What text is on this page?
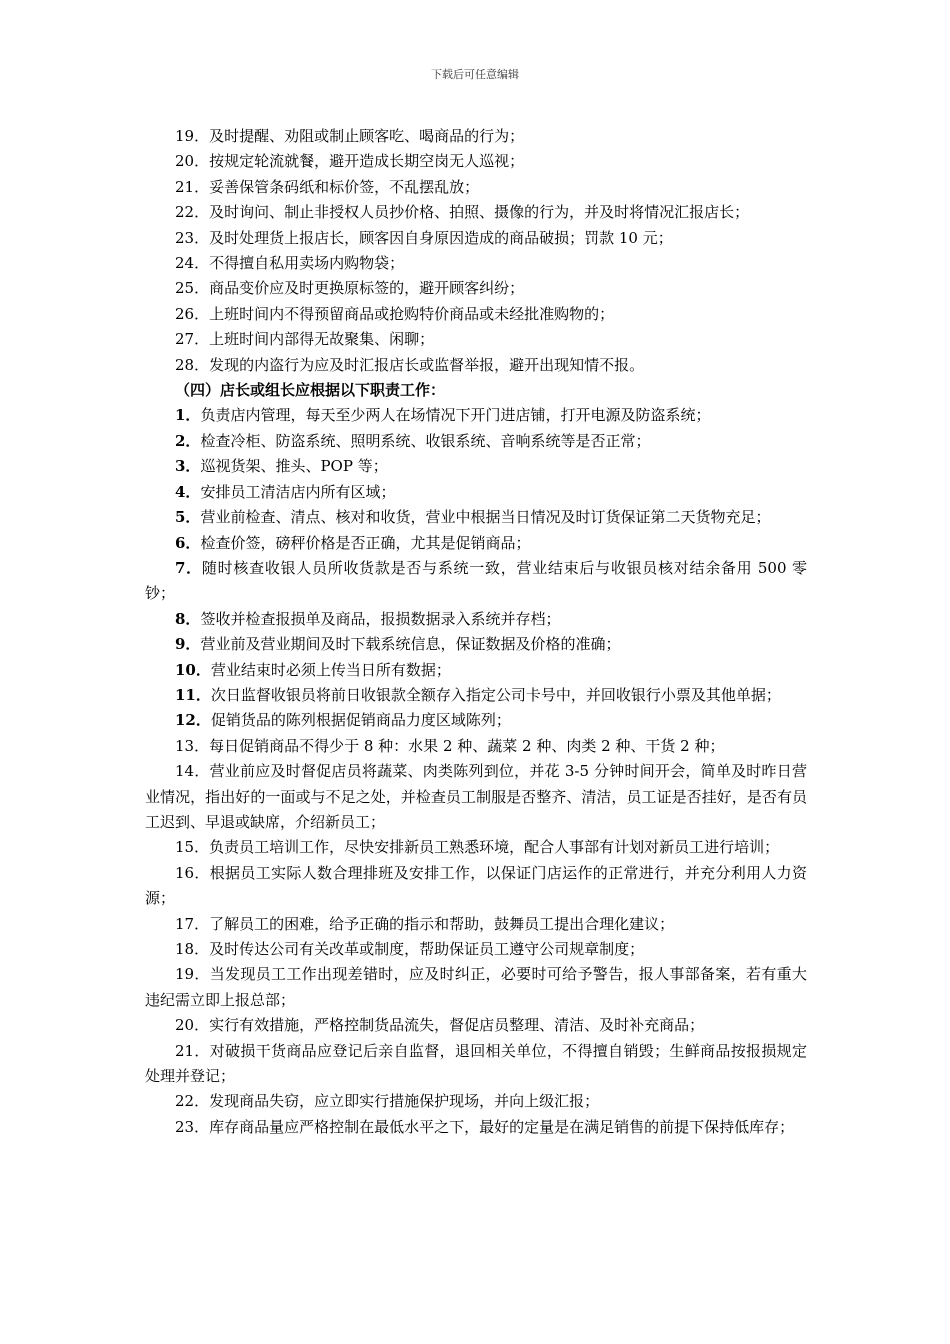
下载后可任意编辑

19．及时提醒、劝阻或制止顾客吃、喝商品的行为；

20．按规定轮流就餐，避开造成长期空岗无人巡视；

21．妥善保管条码纸和标价签，不乱摆乱放；

22．及时询问、制止非授权人员抄价格、拍照、摄像的行为，并及时将情况汇报店长；

23．及时处理货上报店长，顾客因自身原因造成的商品破损；罚款 10 元；

24．不得擅自私用卖场内购物袋；

25．商品变价应及时更换原标签的，避开顾客纠纷；

26．上班时间内不得预留商品或抢购特价商品或未经批准购物的；

27．上班时间内部得无故聚集、闲聊；

28．发现的内盗行为应及时汇报店长或监督举报，避开出现知情不报。

（四）店长或组长应根据以下职责工作：

1．负责店内管理，每天至少两人在场情况下开门进店铺，打开电源及防盗系统；

2．检查冷柜、防盗系统、照明系统、收银系统、音响系统等是否正常；

3．巡视货架、推头、POP 等；

4．安排员工清洁店内所有区域；

5．营业前检查、清点、核对和收货，营业中根据当日情况及时订货保证第二天货物充足；

6．检查价签，磅秤价格是否正确，尤其是促销商品；

7．随时核查收银人员所收货款是否与系统一致，营业结束后与收银员核对结余备用 500 零钞；

8．签收并检查报损单及商品，报损数据录入系统并存档；

9．营业前及营业期间及时下载系统信息，保证数据及价格的准确；

10．营业结束时必须上传当日所有数据；

11．次日监督收银员将前日收银款全额存入指定公司卡号中，并回收银行小票及其他单据；

12．促销货品的陈列根据促销商品力度区域陈列；

13．每日促销商品不得少于 8 种：水果 2 种、蔬菜 2 种、肉类 2 种、干货 2 种；

14．营业前应及时督促店员将蔬菜、肉类陈列到位，并花 3-5 分钟时间开会，简单及时昨日营业情况，指出好的一面或与不足之处，并检查员工制服是否整齐、清洁，员工证是否挂好，是否有员工迟到、早退或缺席，介绍新员工；

15．负责员工培训工作，尽快安排新员工熟悉环境，配合人事部有计划对新员工进行培训；

16．根据员工实际人数合理排班及安排工作，以保证门店运作的正常进行，并充分利用人力资源；

17．了解员工的困难，给予正确的指示和帮助，鼓舞员工提出合理化建议；

18．及时传达公司有关改革或制度，帮助保证员工遵守公司规章制度；

19．当发现员工工作出现差错时，应及时纠正，必要时可给予警告，报人事部备案，若有重大违纪需立即上报总部；

20．实行有效措施，严格控制货品流失，督促店员整理、清洁、及时补充商品；

21．对破损干货商品应登记后亲自监督，退回相关单位，不得擅自销毁；生鲜商品按报损规定处理并登记；

22．发现商品失窃，应立即实行措施保护现场，并向上级汇报；

23．库存商品量应严格控制在最低水平之下，最好的定量是在满足销售的前提下保持低库存；
